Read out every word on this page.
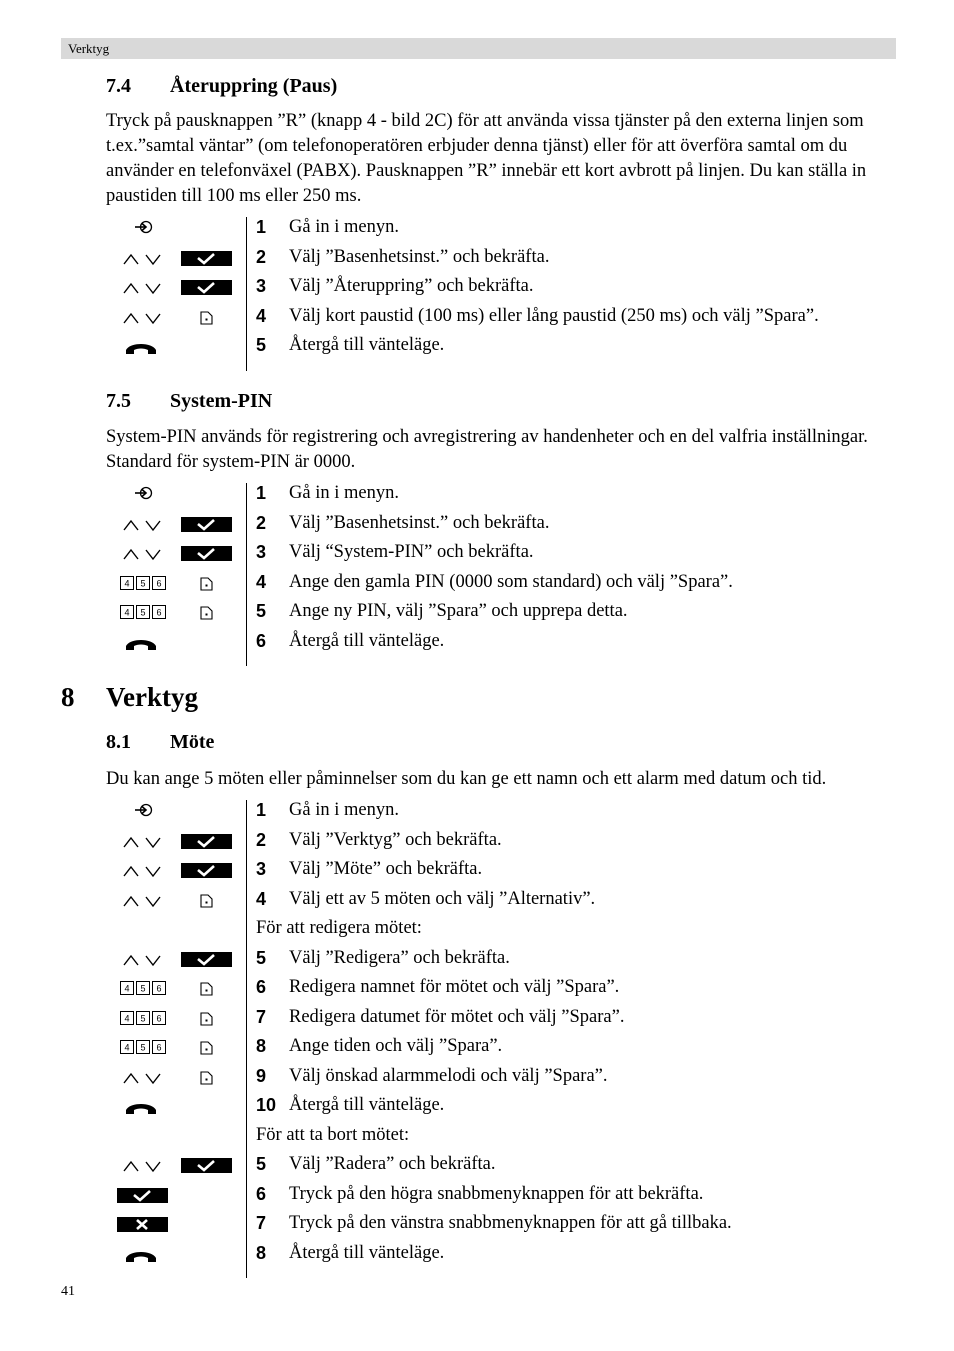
Verktyg
7.4 Återuppring (Paus)

Tryck på pausknappen ”R” (knapp 4 - bild 2C) för att använda vissa tjänster på den externa linjen som t.ex.”samtal väntar” (om telefonoperatören erbjuder denna tjänst) eller för att överföra samtal om du använder en telefonväxel (PABX). Pausknappen ”R” innebär ett kort avbrott på linjen. Du kan ställa in paustiden till 100 ms eller 250 ms.

1 Gå in i menyn.
2 Välj ”Basenhetsinst.” och bekräfta.
3 Välj ”Återuppring” och bekräfta.
4 Välj kort paustid (100 ms) eller lång paustid (250 ms) och välj ”Spara”.
5 Återgå till vänteläge.
7.5 System-PIN

System-PIN används för registrering och avregistrering av handenheter och en del valfria inställningar. Standard för system-PIN är 0000.

1 Gå in i menyn.
2 Välj ”Basenhetsinst.” och bekräfta.
3 Välj “System-PIN” och bekräfta.
4 5 6	4 Ange den gamla PIN (0000 som standard) och välj ”Spara”.
4 5 6	5 Ange ny PIN, välj ”Spara” och upprepa detta.
6 Återgå till vänteläge.
8 Verktyg
8.1 Möte

Du kan ange 5 möten eller påminnelser som du kan ge ett namn och ett alarm med datum och tid.

1 Gå in i menyn.
2 Välj ”Verktyg” och bekräfta.
3 Välj ”Möte” och bekräfta.
4 Välj ett av 5 möten och välj ”Alternativ”.
För att redigera mötet:
5 Välj ”Redigera” och bekräfta.
4 5 6	6 Redigera namnet för mötet och välj ”Spara”.
4 5 6	7 Redigera datumet för mötet och välj ”Spara”.
4 5 6	8 Ange tiden och välj ”Spara”.
9 Välj önskad alarmmelodi och välj ”Spara”.
10 Återgå till vänteläge.
För att ta bort mötet:
5 Välj ”Radera” och bekräfta.
6 Tryck på den högra snabbmenyknappen för att bekräfta.
7 Tryck på den vänstra snabbmenyknappen för att gå tillbaka.
8 Återgå till vänteläge.
41
